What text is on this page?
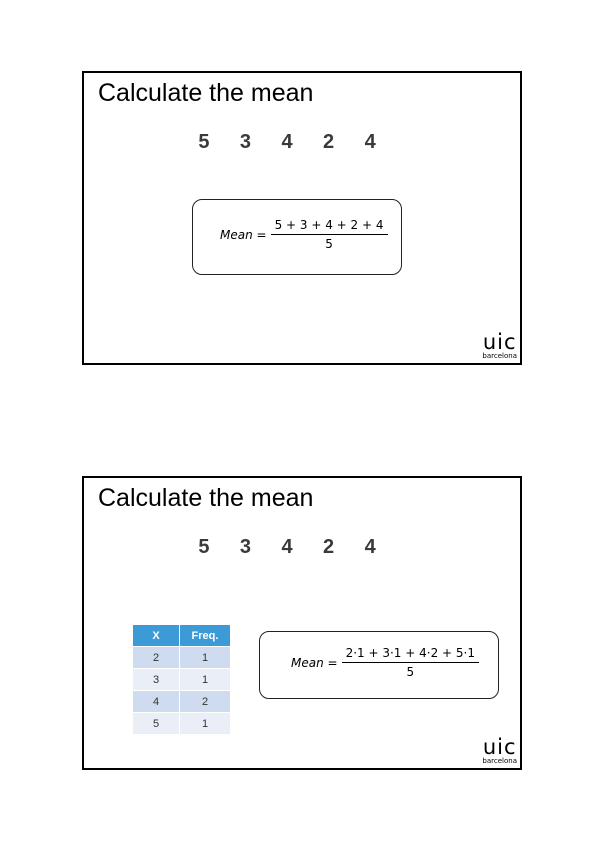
Calculate the mean
5 3 4 2 4
Mean = $\frac{5 + 3 + 4 + 2 + 4}{5}$
uic
barcelona
Calculate the mean
5 3 4 2 4
X	Freq.
2	1
3	1
4	2
5	1
Mean = $\frac{2\cdot 1 + 3\cdot 1 + 4\cdot 2 + 5\cdot 1}{5}$
uic
barcelona
